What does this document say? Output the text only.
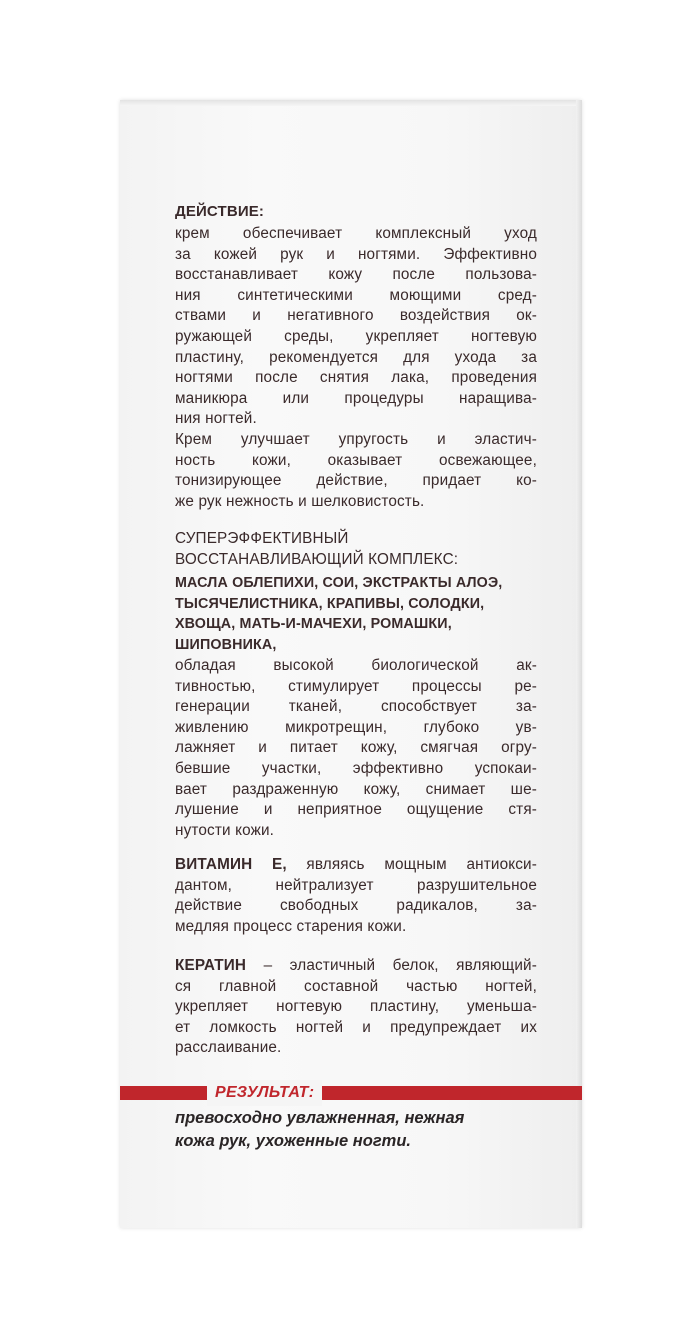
ДЕЙСТВИЕ:
крем обеспечивает комплексный уход
за кожей рук и ногтями. Эффективно
восстанавливает кожу после пользова-
ния синтетическими моющими сред-
ствами и негативного воздействия ок-
ружающей среды, укрепляет ногтевую
пластину, рекомендуется для ухода за
ногтями после снятия лака, проведения
маникюра или процедуры наращива-
ния ногтей.
Крем улучшает упругость и эластич-
ность кожи, оказывает освежающее,
тонизирующее действие, придает ко-
же рук нежность и шелковистость.
СУПЕРЭФФЕКТИВНЫЙ
ВОССТАНАВЛИВАЮЩИЙ КОМПЛЕКС:
МАСЛА ОБЛЕПИХИ, СОИ, ЭКСТРАКТЫ АЛОЭ,
ТЫСЯЧЕЛИСТНИКА, КРАПИВЫ, СОЛОДКИ,
ХВОЩА, МАТЬ-И-МАЧЕХИ, РОМАШКИ,
ШИПОВНИКА,
обладая высокой биологической ак-
тивностью, стимулирует процессы ре-
генерации тканей, способствует за-
живлению микротрещин, глубоко ув-
лажняет и питает кожу, смягчая огру-
бевшие участки, эффективно успокаи-
вает раздраженную кожу, снимает ше-
лушение и неприятное ощущение стя-
нутости кожи.
ВИТАМИН Е, являясь мощным антиокси-
дантом, нейтрализует разрушительное
действие свободных радикалов, за-
медляя процесс старения кожи.
КЕРАТИН – эластичный белок, являющий-
ся главной составной частью ногтей,
укрепляет ногтевую пластину, уменьша-
ет ломкость ногтей и предупреждает их
расслаивание.
РЕЗУЛЬТАТ:
превосходно увлажненная, нежная
кожа рук, ухоженные ногти.
